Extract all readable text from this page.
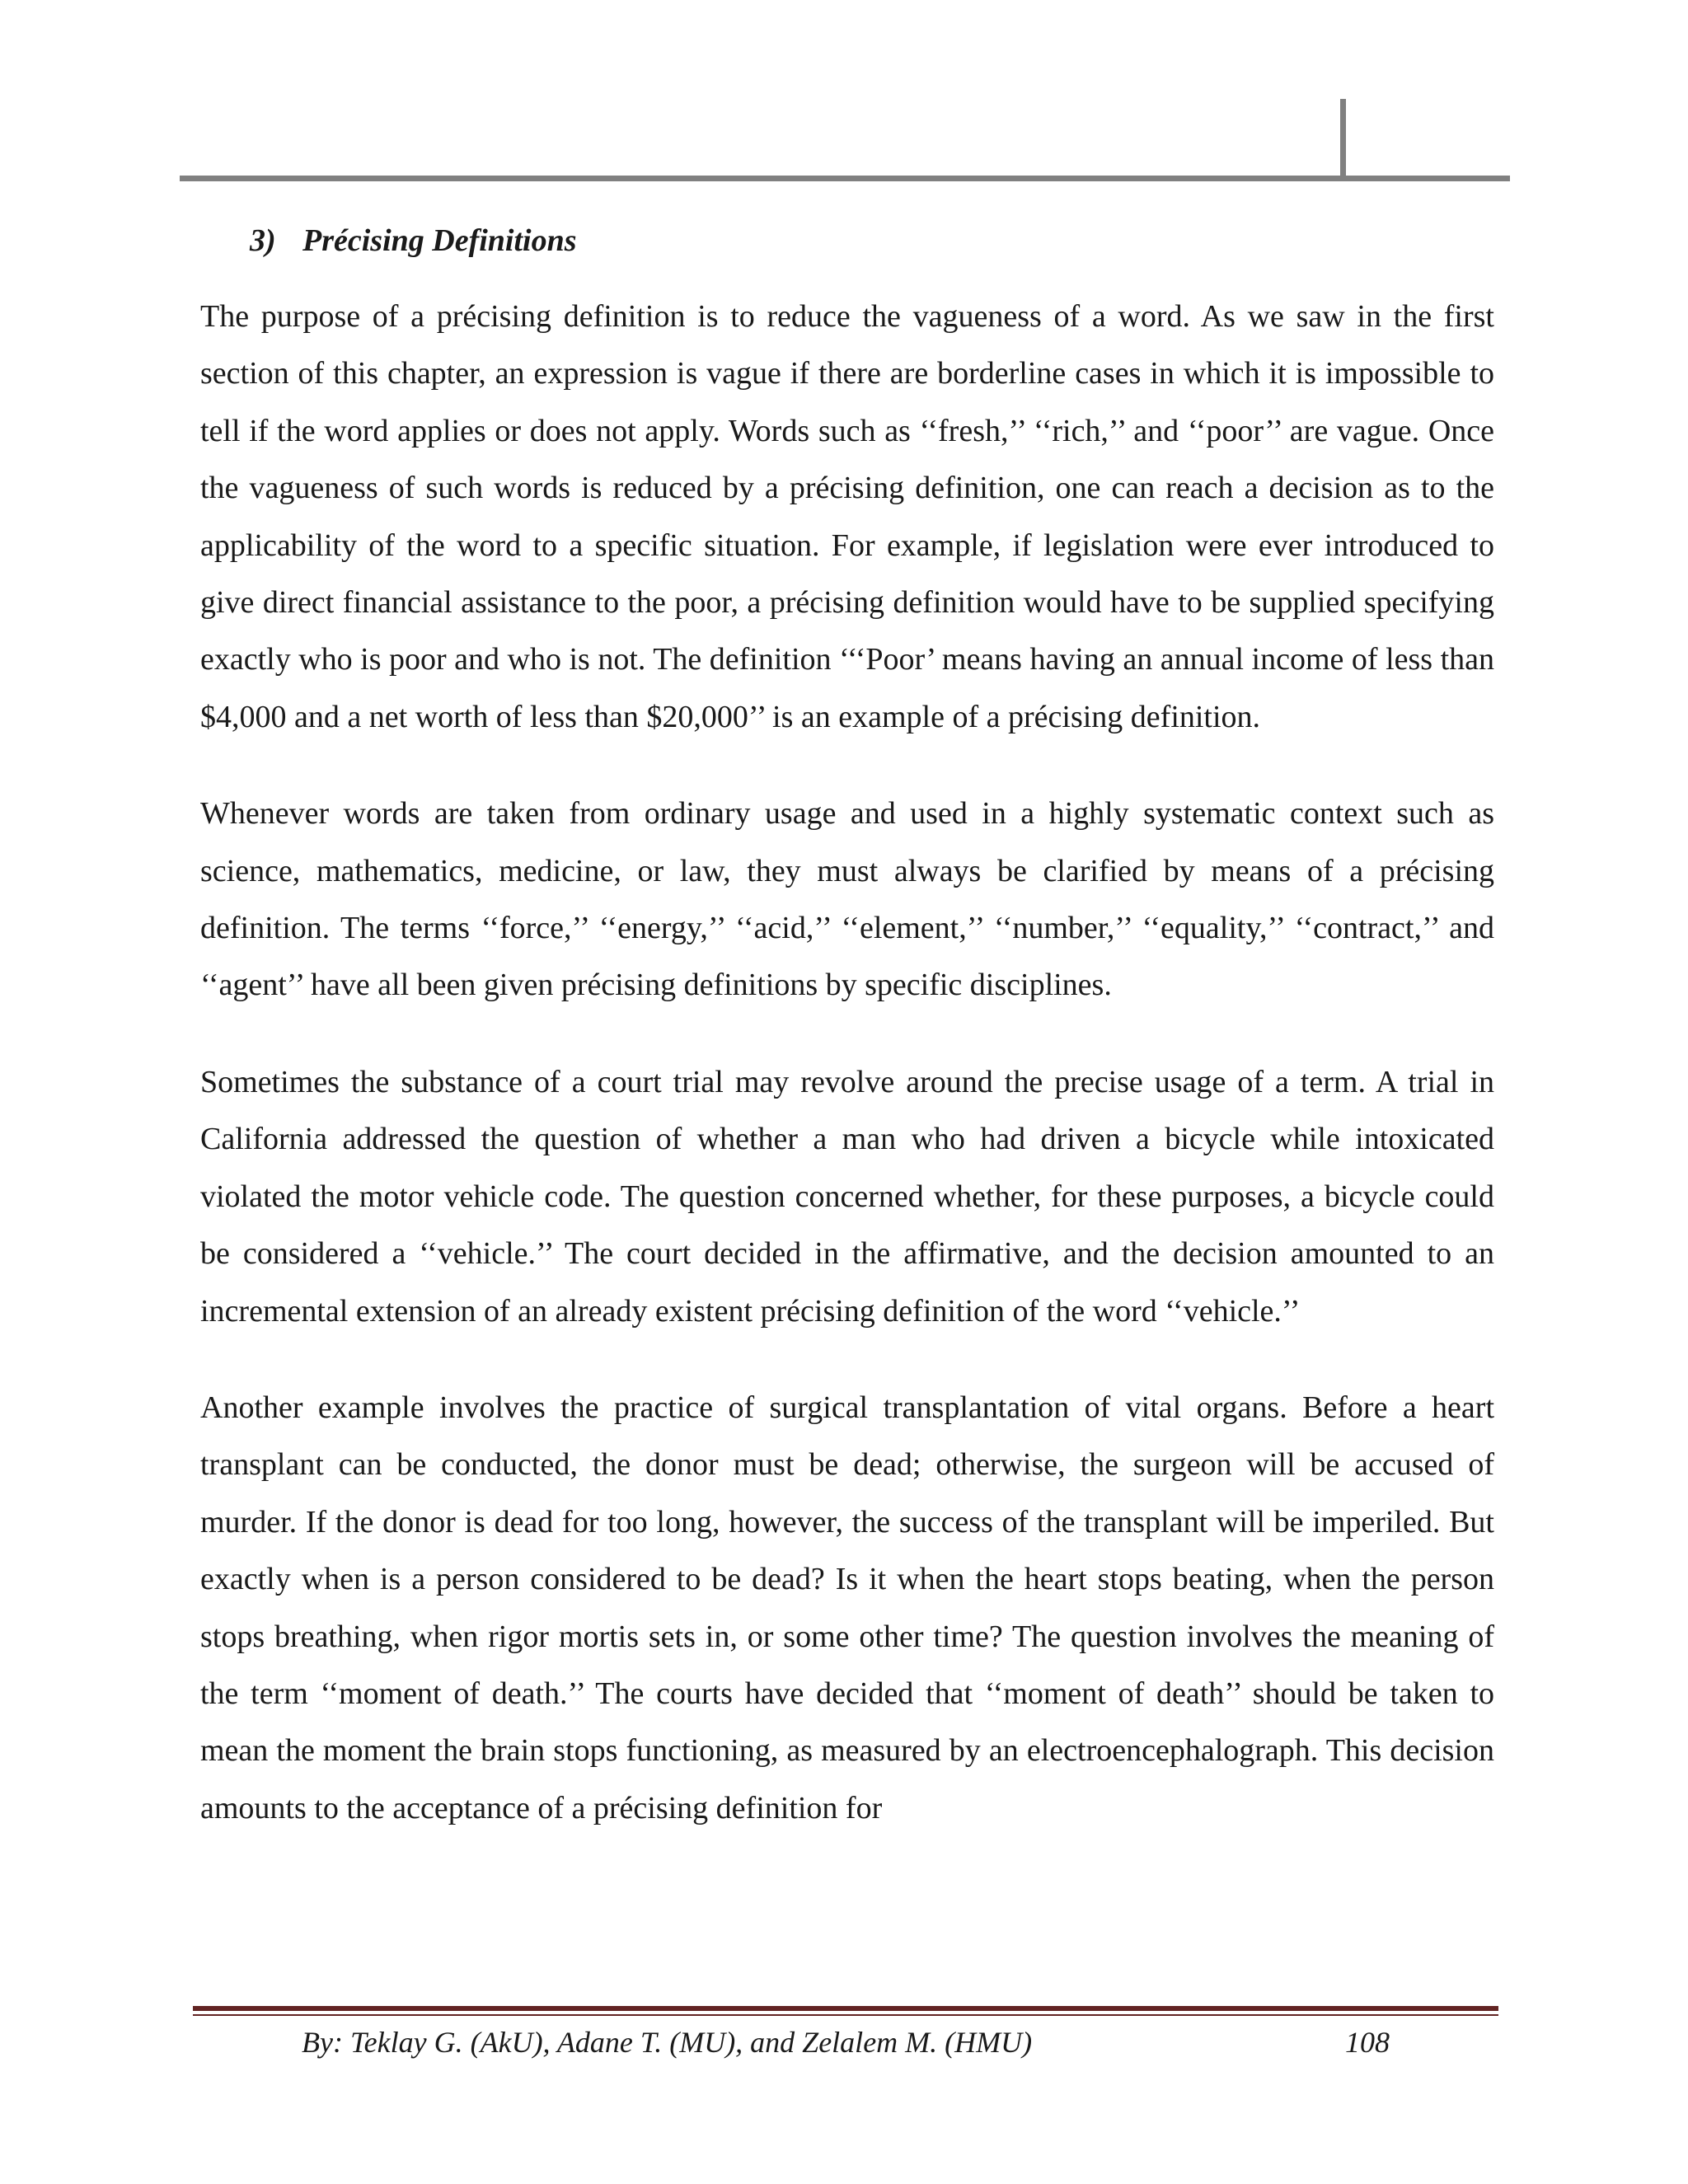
3) Précising Definitions

The purpose of a précising definition is to reduce the vagueness of a word. As we saw in the first section of this chapter, an expression is vague if there are borderline cases in which it is impossible to tell if the word applies or does not apply. Words such as ‘‘fresh,’’ ‘‘rich,’’ and ‘‘poor’’ are vague. Once the vagueness of such words is reduced by a précising definition, one can reach a decision as to the applicability of the word to a specific situation. For example, if legislation were ever introduced to give direct financial assistance to the poor, a précising definition would have to be supplied specifying exactly who is poor and who is not. The definition ‘‘‘Poor’ means having an annual income of less than $4,000 and a net worth of less than $20,000’’ is an example of a précising definition.

Whenever words are taken from ordinary usage and used in a highly systematic context such as science, mathematics, medicine, or law, they must always be clarified by means of a précising definition. The terms ‘‘force,’’ ‘‘energy,’’ ‘‘acid,’’ ‘‘element,’’ ‘‘number,’’ ‘‘equality,’’ ‘‘contract,’’ and ‘‘agent’’ have all been given précising definitions by specific disciplines.

Sometimes the substance of a court trial may revolve around the precise usage of a term. A trial in California addressed the question of whether a man who had driven a bicycle while intoxicated violated the motor vehicle code. The question concerned whether, for these purposes, a bicycle could be considered a ‘‘vehicle.’’ The court decided in the affirmative, and the decision amounted to an incremental extension of an already existent précising definition of the word ‘‘vehicle.’’

Another example involves the practice of surgical transplantation of vital organs. Before a heart transplant can be conducted, the donor must be dead; otherwise, the surgeon will be accused of murder. If the donor is dead for too long, however, the success of the transplant will be imperiled. But exactly when is a person considered to be dead? Is it when the heart stops beating, when the person stops breathing, when rigor mortis sets in, or some other time? The question involves the meaning of the term ‘‘moment of death.’’ The courts have decided that ‘‘moment of death’’ should be taken to mean the moment the brain stops functioning, as measured by an electroencephalograph. This decision amounts to the acceptance of a précising definition for

By: Teklay G. (AkU), Adane T. (MU), and Zelalem M. (HMU)	108
